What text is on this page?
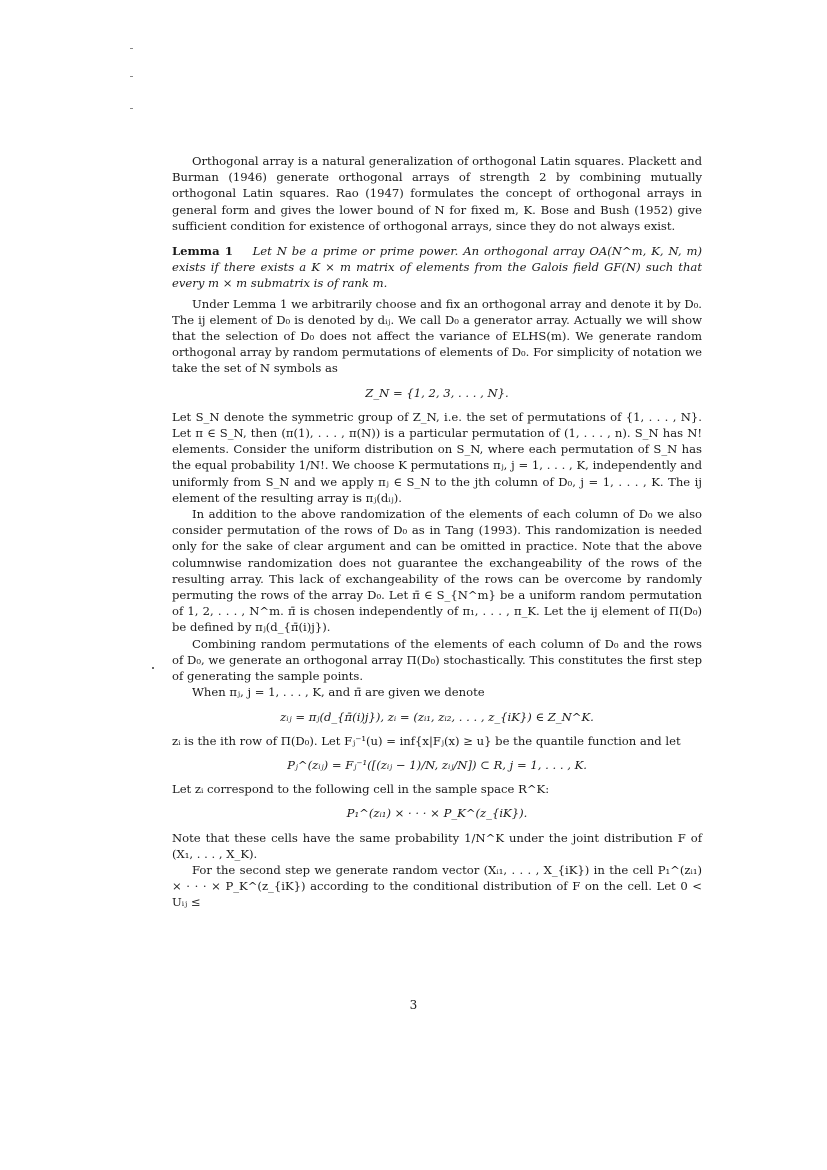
Orthogonal array is a natural generalization of orthogonal Latin squares. Plackett and Burman (1946) generate orthogonal arrays of strength 2 by combining mutually orthogonal Latin squares. Rao (1947) formulates the concept of orthogonal arrays in general form and gives the lower bound of N for fixed m, K. Bose and Bush (1952) give sufficient condition for existence of orthogonal arrays, since they do not always exist.

Lemma 1 Let N be a prime or prime power. An orthogonal array OA(N^m, K, N, m) exists if there exists a K × m matrix of elements from the Galois field GF(N) such that every m × m submatrix is of rank m.

Under Lemma 1 we arbitrarily choose and fix an orthogonal array and denote it by D₀. The ij element of D₀ is denoted by dᵢⱼ. We call D₀ a generator array. Actually we will show that the selection of D₀ does not affect the variance of ELHS(m). We generate random orthogonal array by random permutations of elements of D₀. For simplicity of notation we take the set of N symbols as

Z_N = {1, 2, 3, . . . , N}.

Let S_N denote the symmetric group of Z_N, i.e. the set of permutations of {1, . . . , N}. Let π ∈ S_N, then (π(1), . . . , π(N)) is a particular permutation of (1, . . . , n). S_N has N! elements. Consider the uniform distribution on S_N, where each permutation of S_N has the equal probability 1/N!. We choose K permutations πⱼ, j = 1, . . . , K, independently and uniformly from S_N and we apply πⱼ ∈ S_N to the jth column of D₀, j = 1, . . . , K. The ij element of the resulting array is πⱼ(dᵢⱼ).

In addition to the above randomization of the elements of each column of D₀ we also consider permutation of the rows of D₀ as in Tang (1993). This randomization is needed only for the sake of clear argument and can be omitted in practice. Note that the above columnwise randomization does not guarantee the exchangeability of the rows of the resulting array. This lack of exchangeability of the rows can be overcome by randomly permuting the rows of the array D₀. Let π̄ ∈ S_{N^m} be a uniform random permutation of 1, 2, . . . , N^m. π̄ is chosen independently of π₁, . . . , π_K. Let the ij element of Π(D₀) be defined by πⱼ(d_{π̄(i)j}).

Combining random permutations of the elements of each column of D₀ and the rows of D₀, we generate an orthogonal array Π(D₀) stochastically. This constitutes the first step of generating the sample points.

When πⱼ, j = 1, . . . , K, and π̄ are given we denote

zᵢⱼ = πⱼ(d_{π̄(i)j}), zᵢ = (zᵢ₁, zᵢ₂, . . . , z_{iK}) ∈ Z_N^K.

zᵢ is the ith row of Π(D₀). Let Fⱼ⁻¹(u) = inf{x|Fⱼ(x) ≥ u} be the quantile function and let

Pⱼ^(zᵢⱼ) = Fⱼ⁻¹([(zᵢⱼ − 1)/N, zᵢⱼ/N]) ⊂ R, j = 1, . . . , K.

Let zᵢ correspond to the following cell in the sample space R^K:

P₁^(zᵢ₁) × · · · × P_K^(z_{iK}).

Note that these cells have the same probability 1/N^K under the joint distribution F of (X₁, . . . , X_K).

For the second step we generate random vector (Xᵢ₁, . . . , X_{iK}) in the cell P₁^(zᵢ₁) × · · · × P_K^(z_{iK}) according to the conditional distribution of F on the cell. Let 0 < Uᵢⱼ ≤

3
